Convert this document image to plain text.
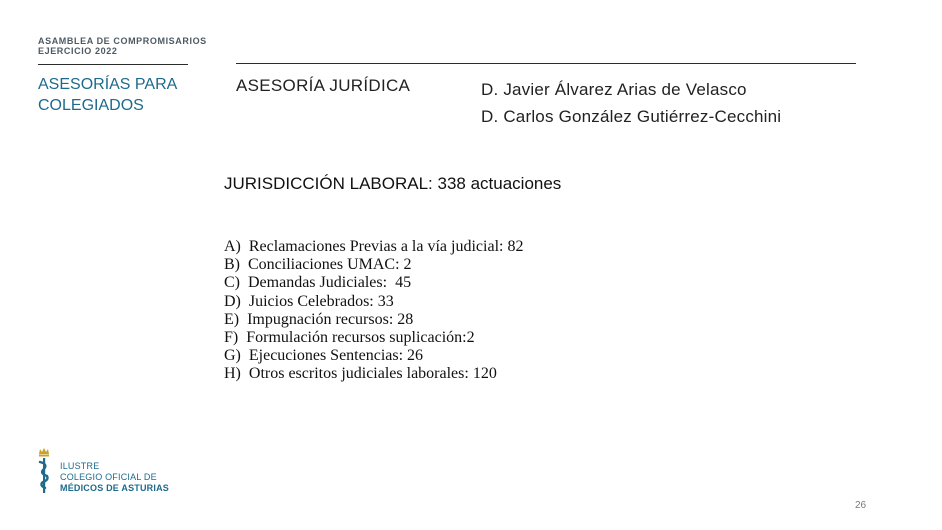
ASAMBLEA DE COMPROMISARIOS
EJERCICIO 2022
ASESORÍAS PARA
COLEGIADOS
ASESORÍA JURÍDICA	D. Javier Álvarez Arias de Velasco
D. Carlos González Gutiérrez-Cecchini
JURISDICCIÓN LABORAL: 338 actuaciones
A)  Reclamaciones Previas a la vía judicial: 82
B)  Conciliaciones UMAC: 2
C)  Demandas Judiciales:  45
D)  Juicios Celebrados: 33
E)  Impugnación recursos: 28
F)  Formulación recursos suplicación:2
G)  Ejecuciones Sentencias: 26
H)  Otros escritos judiciales laborales: 120
ILUSTRE
COLEGIO OFICIAL DE
MÉDICOS DE ASTURIAS
26
